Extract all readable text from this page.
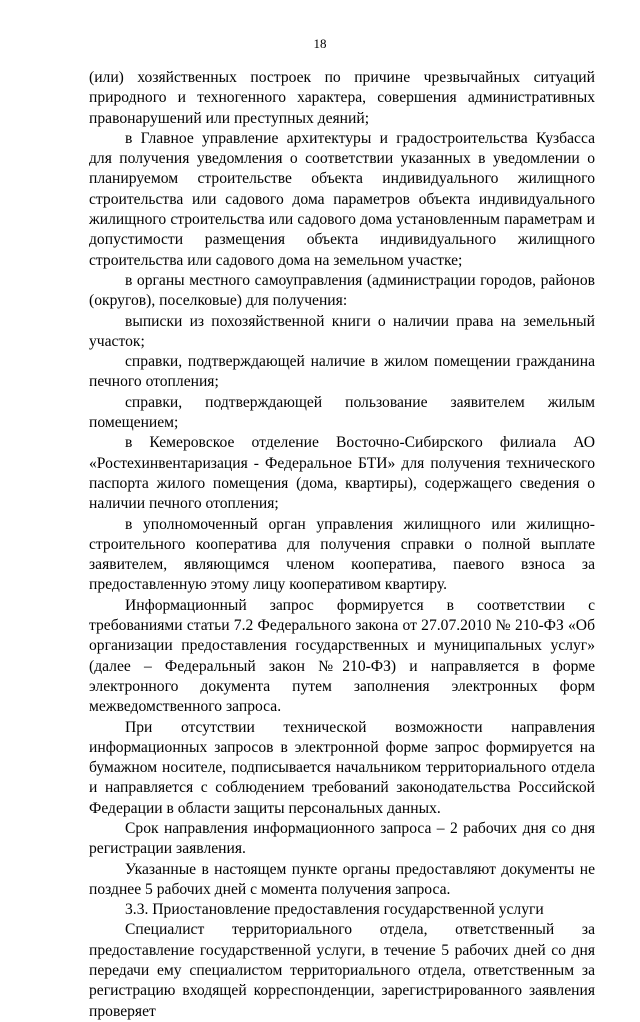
18

(или) хозяйственных построек по причине чрезвычайных ситуаций природного и техногенного характера, совершения административных правонарушений или преступных деяний;

в Главное управление архитектуры и градостроительства Кузбасса для получения уведомления о соответствии указанных в уведомлении о планируемом строительстве объекта индивидуального жилищного строительства или садового дома параметров объекта индивидуального жилищного строительства или садового дома установленным параметрам и допустимости размещения объекта индивидуального жилищного строительства или садового дома на земельном участке;

в органы местного самоуправления (администрации городов, районов (округов), поселковые) для получения:

выписки из похозяйственной книги о наличии права на земельный участок;

справки, подтверждающей наличие в жилом помещении гражданина печного отопления;

справки, подтверждающей пользование заявителем жилым помещением;

в Кемеровское отделение Восточно-Сибирского филиала АО «Ростехинвентаризация - Федеральное БТИ» для получения технического паспорта жилого помещения (дома, квартиры), содержащего сведения о наличии печного отопления;

в уполномоченный орган управления жилищного или жилищно-строительного кооператива для получения справки о полной выплате заявителем, являющимся членом кооператива, паевого взноса за предоставленную этому лицу кооперативом квартиру.

Информационный запрос формируется в соответствии с требованиями статьи 7.2 Федерального закона от 27.07.2010 № 210-ФЗ «Об организации предоставления государственных и муниципальных услуг» (далее – Федеральный закон №210-ФЗ) и направляется в форме электронного документа путем заполнения электронных форм межведомственного запроса.

При отсутствии технической возможности направления информационных запросов в электронной форме запрос формируется на бумажном носителе, подписывается начальником территориального отдела и направляется с соблюдением требований законодательства Российской Федерации в области защиты персональных данных.

Срок направления информационного запроса – 2 рабочих дня со дня регистрации заявления.

Указанные в настоящем пункте органы предоставляют документы не позднее 5 рабочих дней с момента получения запроса.

3.3. Приостановление предоставления государственной услуги

Специалист территориального отдела, ответственный за предоставление государственной услуги, в течение 5 рабочих дней со дня передачи ему специалистом территориального отдела, ответственным за регистрацию входящей корреспонденции, зарегистрированного заявления проверяет
